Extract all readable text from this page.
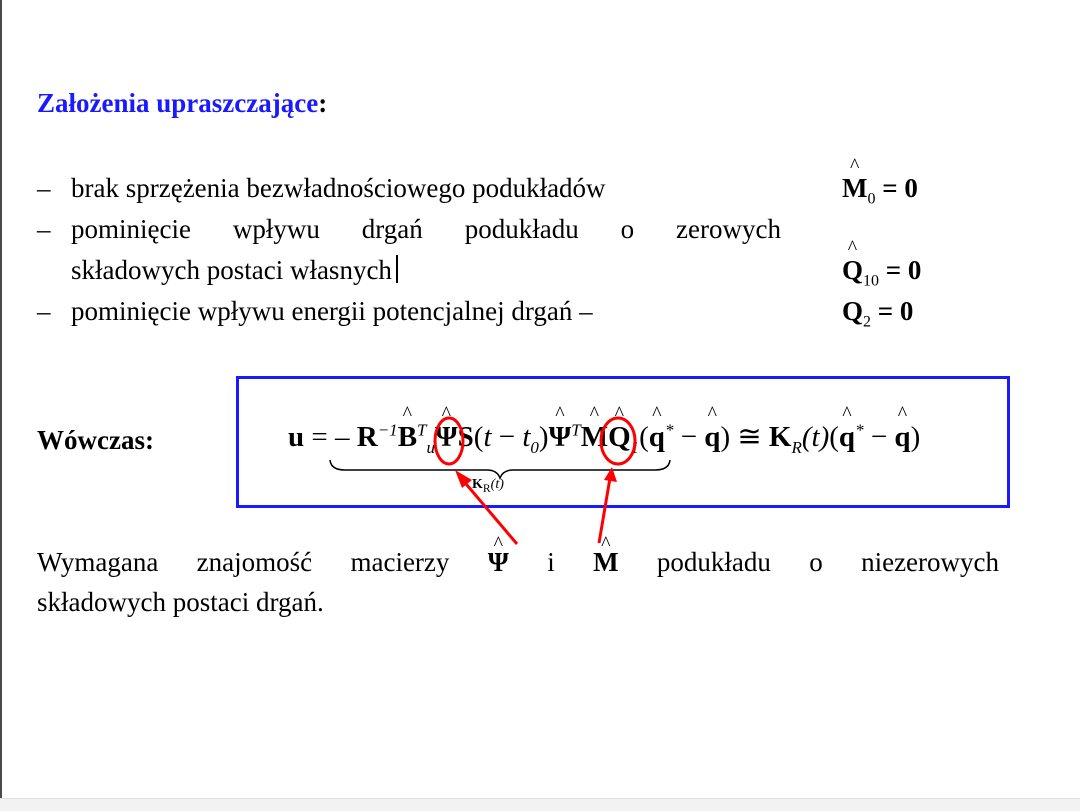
Założenia upraszczające:
– brak sprzężenia bezwładnościowego podukładów	^ $M_0 = 0$
– pominięcie wpływu drgań podukładu o zerowych
składowych postaci własnych	^ $Q_{10} = 0$
– pominięcie wpływu energii potencjalnej drgań –	$Q_2 = 0$
Wówczas:	u = – $R^{-1}\^{}$ $B^T_u\^{}$ $\Psi S(t - t_0)\^{}$ $\Psi^T\^{}$ M^ $Q_1(\^{}$ q* − ^ q) ≅ $K_R(t)(\^{}$ q* − ^ q)
$K_R(t)$
Wymagana znajomość macierzy ^ Ψ i ^ M podukładu o niezerowych
składowych postaci drgań.
